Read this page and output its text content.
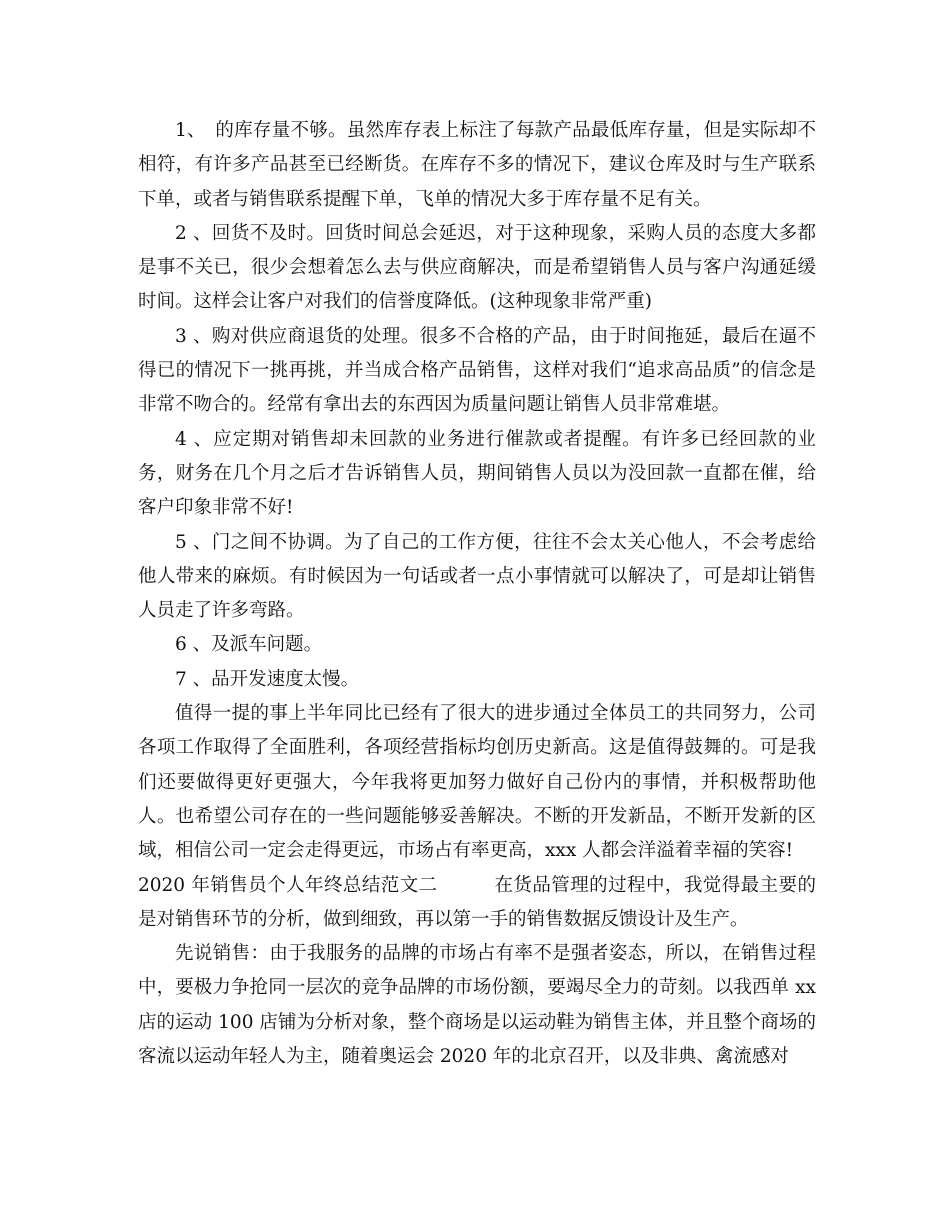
1、　的库存量不够。虽然库存表上标注了每款产品最低库存量，但是实际却不相符，有许多产品甚至已经断货。在库存不多的情况下，建议仓库及时与生产联系下单，或者与销售联系提醒下单，飞单的情况大多于库存量不足有关。

2 、回货不及时。回货时间总会延迟，对于这种现象，采购人员的态度大多都是事不关已，很少会想着怎么去与供应商解决，而是希望销售人员与客户沟通延缓时间。这样会让客户对我们的信誉度降低。(这种现象非常严重)

3 、购对供应商退货的处理。很多不合格的产品，由于时间拖延，最后在逼不得已的情况下一挑再挑，并当成合格产品销售，这样对我们“追求高品质”的信念是非常不吻合的。经常有拿出去的东西因为质量问题让销售人员非常难堪。

4 、应定期对销售却未回款的业务进行催款或者提醒。有许多已经回款的业务，财务在几个月之后才告诉销售人员，期间销售人员以为没回款一直都在催，给客户印象非常不好!

5 、门之间不协调。为了自己的工作方便，往往不会太关心他人，不会考虑给他人带来的麻烦。有时候因为一句话或者一点小事情就可以解决了，可是却让销售人员走了许多弯路。

6 、及派车问题。

7 、品开发速度太慢。

值得一提的事上半年同比已经有了很大的进步通过全体员工的共同努力，公司各项工作取得了全面胜利，各项经营指标均创历史新高。这是值得鼓舞的。可是我们还要做得更好更强大，今年我将更加努力做好自己份内的事情，并积极帮助他人。也希望公司存在的一些问题能够妥善解决。不断的开发新品，不断开发新的区域，相信公司一定会走得更远，市场占有率更高，xxx 人都会洋溢着幸福的笑容!

2020 年销售员个人年终总结范文二　　　在货品管理的过程中，我觉得最主要的是对销售环节的分析，做到细致，再以第一手的销售数据反馈设计及生产。

先说销售：由于我服务的品牌的市场占有率不是强者姿态，所以，在销售过程中，要极力争抢同一层次的竞争品牌的市场份额，要竭尽全力的苛刻。以我西单 xx 店的运动 100 店铺为分析对象，整个商场是以运动鞋为销售主体，并且整个商场的客流以运动年轻人为主，随着奥运会 2020 年的北京召开，以及非典、禽流感对
